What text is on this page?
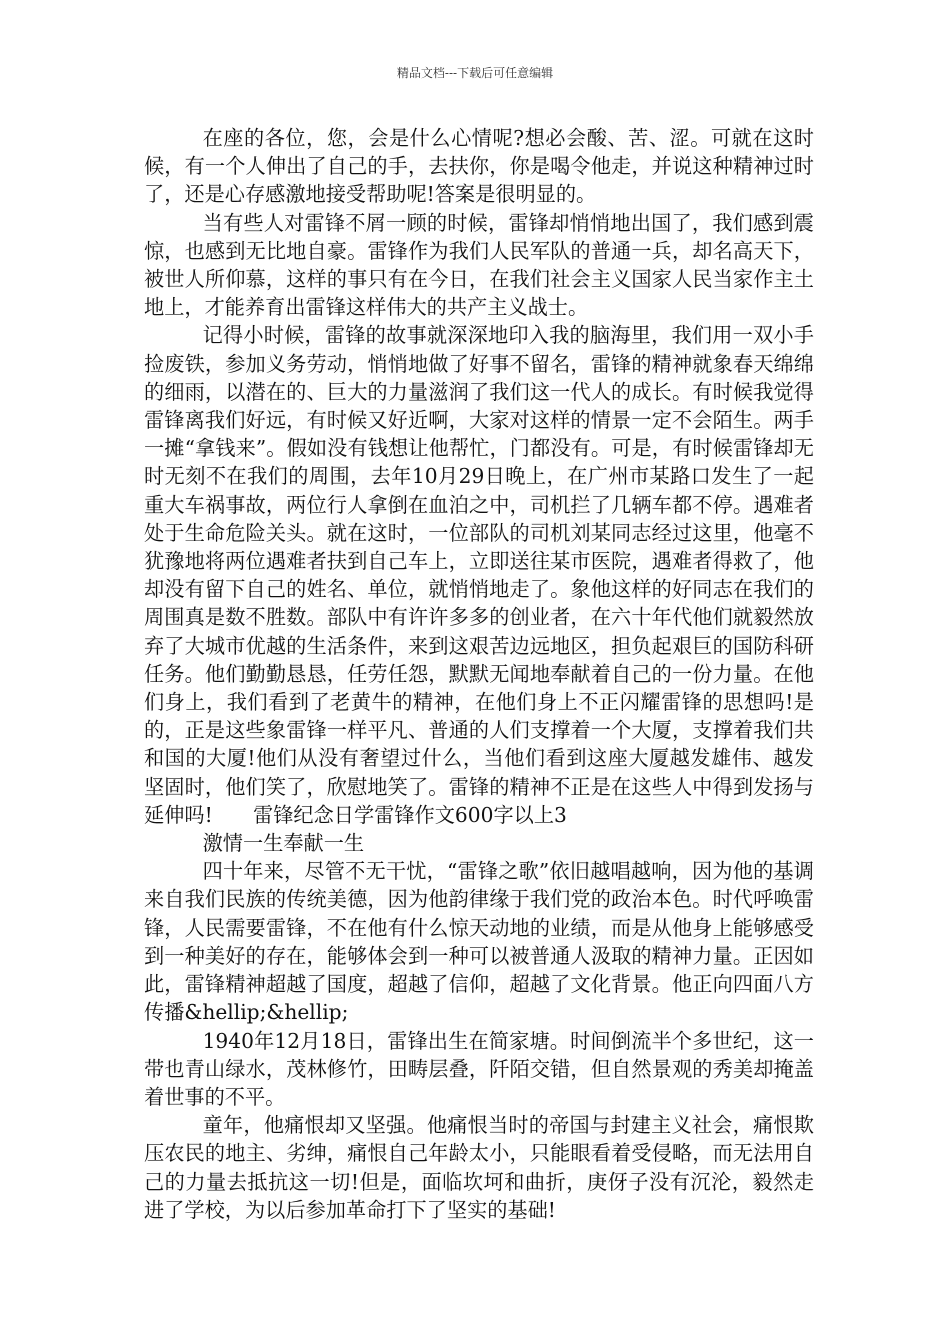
精品文档---下载后可任意编辑

在座的各位，您，会是什么心情呢?想必会酸、苦、涩。可就在这时候，有一个人伸出了自己的手，去扶你，你是喝令他走，并说这种精神过时了，还是心存感激地接受帮助呢!答案是很明显的。

当有些人对雷锋不屑一顾的时候，雷锋却悄悄地出国了，我们感到震惊，也感到无比地自豪。雷锋作为我们人民军队的普通一兵，却名高天下，被世人所仰慕，这样的事只有在今日，在我们社会主义国家人民当家作主土地上，才能养育出雷锋这样伟大的共产主义战士。

记得小时候，雷锋的故事就深深地印入我的脑海里，我们用一双小手捡废铁，参加义务劳动，悄悄地做了好事不留名，雷锋的精神就象春天绵绵的细雨，以潜在的、巨大的力量滋润了我们这一代人的成长。有时候我觉得雷锋离我们好远，有时候又好近啊，大家对这样的情景一定不会陌生。两手一摊“拿钱来”。假如没有钱想让他帮忙，门都没有。可是，有时候雷锋却无时无刻不在我们的周围，去年10月29日晚上，在广州市某路口发生了一起重大车祸事故，两位行人拿倒在血泊之中，司机拦了几辆车都不停。遇难者处于生命危险关头。就在这时，一位部队的司机刘某同志经过这里，他毫不犹豫地将两位遇难者扶到自己车上，立即送往某市医院，遇难者得救了，他却没有留下自己的姓名、单位，就悄悄地走了。象他这样的好同志在我们的周围真是数不胜数。部队中有许许多多的创业者，在六十年代他们就毅然放弃了大城市优越的生活条件，来到这艰苦边远地区，担负起艰巨的国防科研任务。他们勤勤恳恳，任劳任怨，默默无闻地奉献着自己的一份力量。在他们身上，我们看到了老黄牛的精神，在他们身上不正闪耀雷锋的思想吗!是的，正是这些象雷锋一样平凡、普通的人们支撑着一个大厦，支撑着我们共和国的大厦!他们从没有奢望过什么，当他们看到这座大厦越发雄伟、越发坚固时，他们笑了，欣慰地笑了。雷锋的精神不正是在这些人中得到发扬与延伸吗!　　雷锋纪念日学雷锋作文600字以上3

激情一生奉献一生

四十年来，尽管不无干忧，“雷锋之歌”依旧越唱越响，因为他的基调来自我们民族的传统美德，因为他韵律缘于我们党的政治本色。时代呼唤雷锋，人民需要雷锋，不在他有什么惊天动地的业绩，而是从他身上能够感受到一种美好的存在，能够体会到一种可以被普通人汲取的精神力量。正因如此，雷锋精神超越了国度，超越了信仰，超越了文化背景。他正向四面八方传播&hellip;&hellip;

1940年12月18日，雷锋出生在简家塘。时间倒流半个多世纪，这一带也青山绿水，茂林修竹，田畴层叠，阡陌交错，但自然景观的秀美却掩盖着世事的不平。

童年，他痛恨却又坚强。他痛恨当时的帝国与封建主义社会，痛恨欺压农民的地主、劣绅，痛恨自己年龄太小，只能眼看着受侵略，而无法用自己的力量去抵抗这一切!但是，面临坎坷和曲折，庚伢子没有沉沦，毅然走进了学校，为以后参加革命打下了坚实的基础!
